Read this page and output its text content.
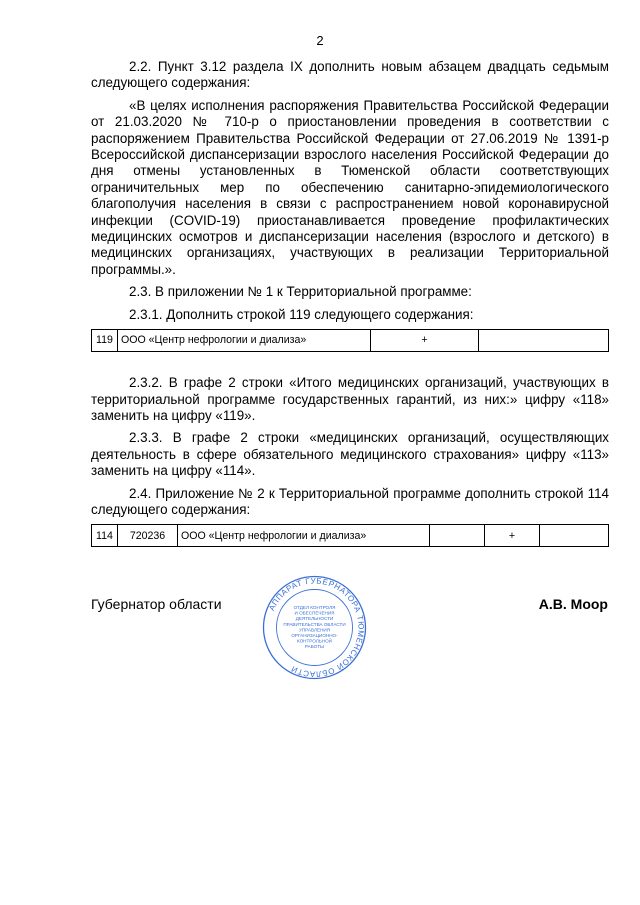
2

2.2. Пункт 3.12 раздела IX дополнить новым абзацем двадцать седьмым следующего содержания:

«В целях исполнения распоряжения Правительства Российской Федерации от 21.03.2020 № 710-р о приостановлении проведения в соответствии с распоряжением Правительства Российской Федерации от 27.06.2019 № 1391-р Всероссийской диспансеризации взрослого населения Российской Федерации до дня отмены установленных в Тюменской области соответствующих ограничительных мер по обеспечению санитарно-эпидемиологического благополучия населения в связи с распространением новой коронавирусной инфекции (COVID-19) приостанавливается проведение профилактических медицинских осмотров и диспансеризации населения (взрослого и детского) в медицинских организациях, участвующих в реализации Территориальной программы.».

2.3. В приложении № 1 к Территориальной программе:

2.3.1. Дополнить строкой 119 следующего содержания:

119	ООО «Центр нефрологии и диализа»	+	

2.3.2. В графе 2 строки «Итого медицинских организаций, участвующих в территориальной программе государственных гарантий, из них:» цифру «118» заменить на цифру «119».

2.3.3. В графе 2 строки «медицинских организаций, осуществляющих деятельность в сфере обязательного медицинского страхования» цифру «113» заменить на цифру «114».

2.4. Приложение № 2 к Территориальной программе дополнить строкой 114 следующего содержания:

114	720236	ООО «Центр нефрологии и диализа»		+	
Губернатор области	А.В. Моор
АППАРАТ ГУБЕРНАТОРА ТЮМЕНСКОЙ ОБЛАСТИ
ОТДЕЛ КОНТРОЛЯ
И ОБЕСПЕЧЕНИЯ
ДЕЯТЕЛЬНОСТИ
ПРАВИТЕЛЬСТВА ОБЛАСТИ
УПРАВЛЕНИЯ
ОРГАНИЗАЦИОННО-
КОНТРОЛЬНОЙ
РАБОТЫ
